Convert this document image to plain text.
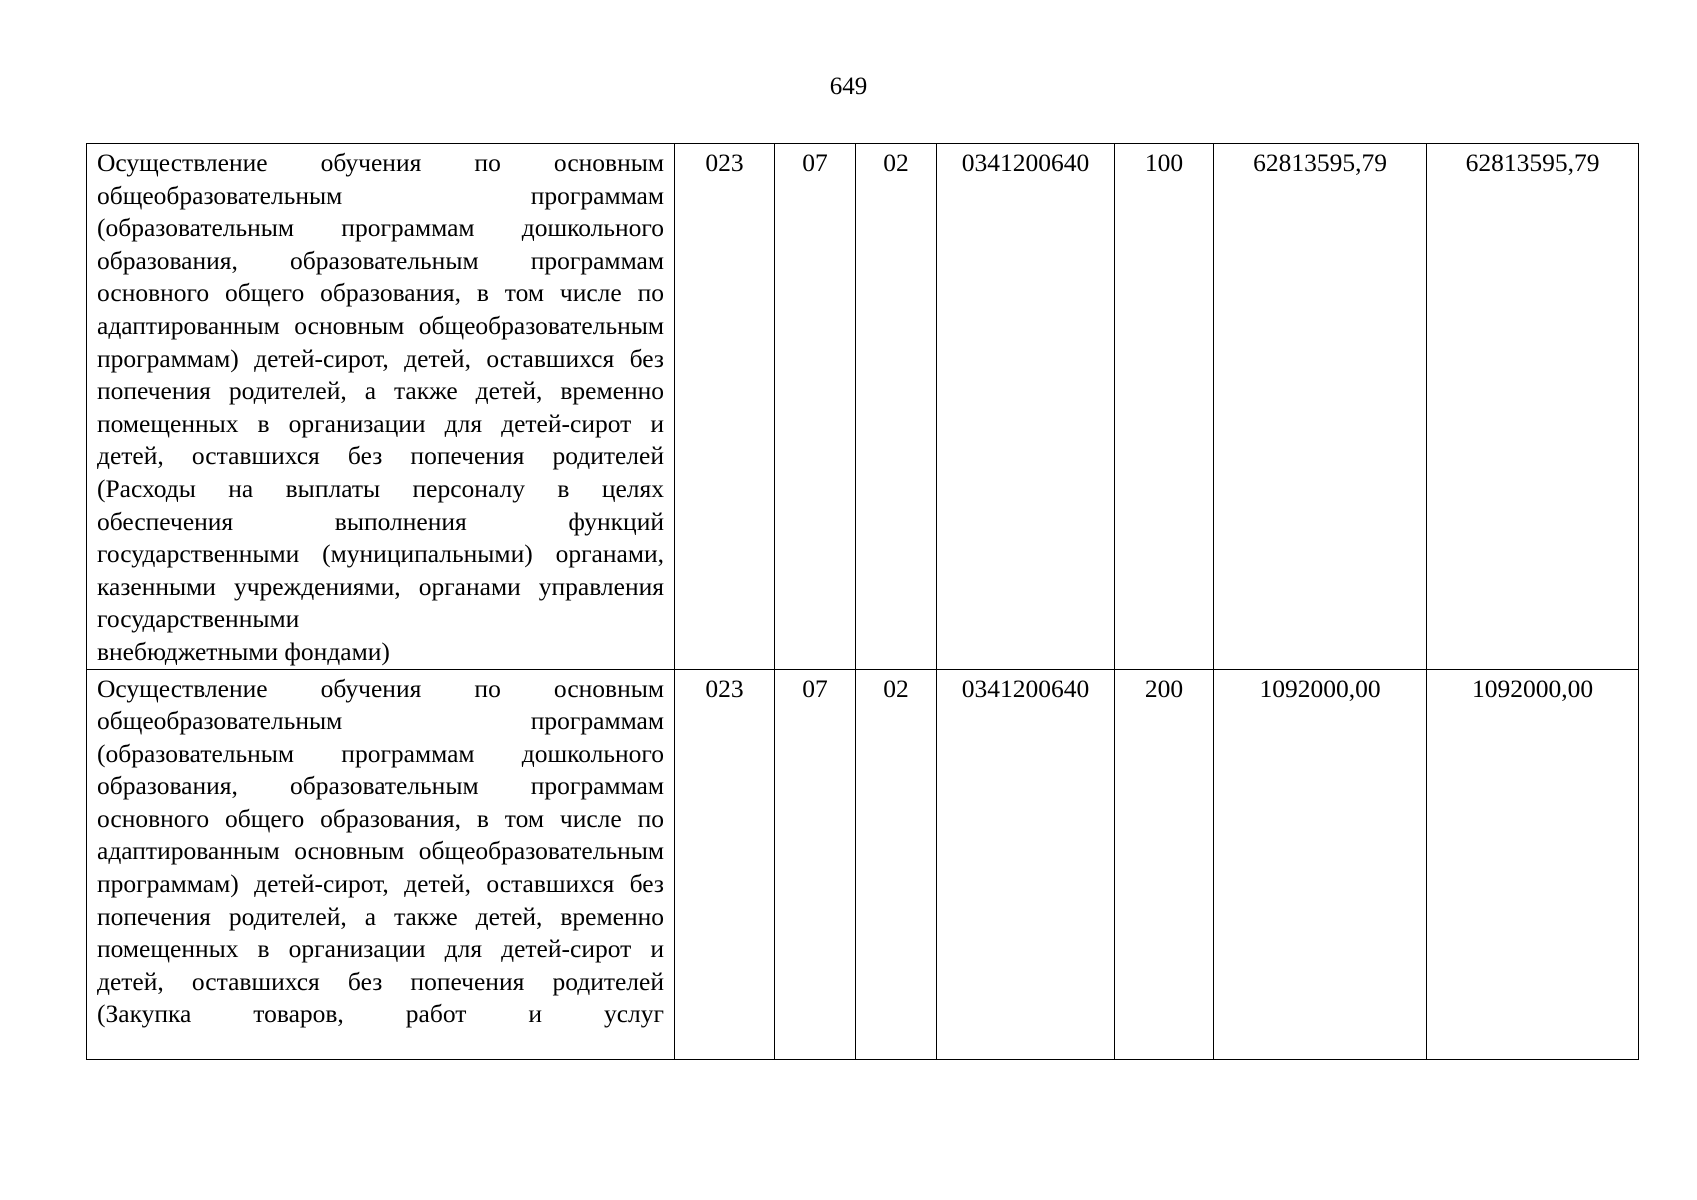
649
Осуществление обучения по основным общеобразовательным программам (образовательным программам дошкольного образования, образовательным программам основного общего образования, в том числе по адаптированным основным общеобразовательным программам) детей-сирот, детей, оставшихся без попечения родителей, а также детей, временно помещенных в организации для детей-сирот и детей, оставшихся без попечения родителей (Расходы на выплаты персоналу в целях обеспечения выполнения функций государственными (муниципальными) органами, казенными учреждениями, органами управления государственными
внебюджетными фондами)	023	07	02	0341200640	100	62813595,79	62813595,79

Осуществление обучения по основным общеобразовательным программам (образовательным программам дошкольного образования, образовательным программам основного общего образования, в том числе по адаптированным основным общеобразовательным программам) детей-сирот, детей, оставшихся без попечения родителей, а также детей, временно помещенных в организации для детей-сирот и детей, оставшихся без попечения родителей (Закупка товаров, работ и услуг	023	07	02	0341200640	200	1092000,00	1092000,00
